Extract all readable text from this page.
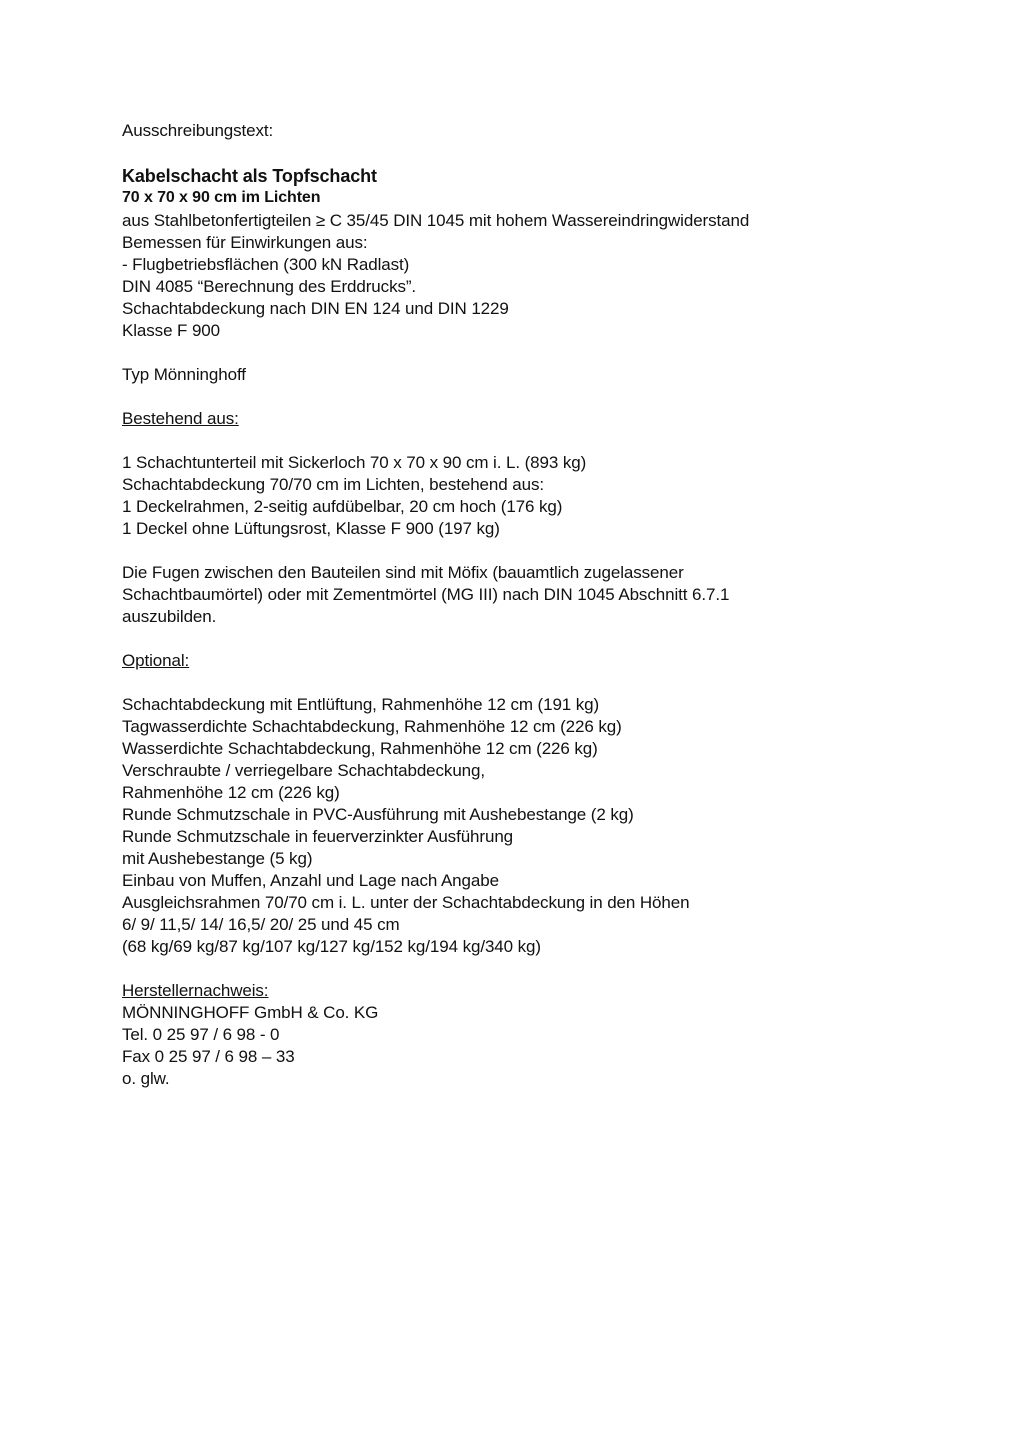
Ausschreibungstext:
Kabelschacht als Topfschacht
70 x 70 x 90 cm im Lichten
aus Stahlbetonfertigteilen ≥ C 35/45 DIN 1045 mit hohem Wassereindringwiderstand
Bemessen für Einwirkungen aus:
- Flugbetriebsflächen (300 kN Radlast)
DIN 4085 “Berechnung des Erddrucks”.
Schachtabdeckung nach DIN EN 124 und DIN 1229
Klasse F 900
Typ Mönninghoff
Bestehend aus:
1 Schachtunterteil mit Sickerloch 70 x 70 x 90 cm i. L. (893 kg)
Schachtabdeckung 70/70 cm im Lichten, bestehend aus:
1 Deckelrahmen, 2-seitig aufdübelbar, 20 cm hoch (176 kg)
1 Deckel ohne Lüftungsrost, Klasse F 900 (197 kg)
Die Fugen zwischen den Bauteilen sind mit Möfix (bauamtlich zugelassener
Schachtbaumörtel) oder mit Zementmörtel (MG III) nach DIN 1045 Abschnitt 6.7.1
auszubilden.
Optional:
Schachtabdeckung mit Entlüftung, Rahmenhöhe 12 cm (191 kg)
Tagwasserdichte Schachtabdeckung, Rahmenhöhe 12 cm (226 kg)
Wasserdichte Schachtabdeckung, Rahmenhöhe 12 cm (226 kg)
Verschraubte / verriegelbare Schachtabdeckung,
Rahmenhöhe 12 cm (226 kg)
Runde Schmutzschale in PVC-Ausführung mit Aushebestange (2 kg)
Runde Schmutzschale in feuerverzinkter Ausführung
mit Aushebestange (5 kg)
Einbau von Muffen, Anzahl und Lage nach Angabe
Ausgleichsrahmen 70/70 cm i. L. unter der Schachtabdeckung in den Höhen
6/ 9/ 11,5/ 14/ 16,5/ 20/ 25 und 45 cm
(68 kg/69 kg/87 kg/107 kg/127 kg/152 kg/194 kg/340 kg)
Herstellernachweis:
MÖNNINGHOFF GmbH & Co. KG
Tel. 0 25 97 / 6 98 - 0
Fax 0 25 97 / 6 98 – 33
o. glw.
